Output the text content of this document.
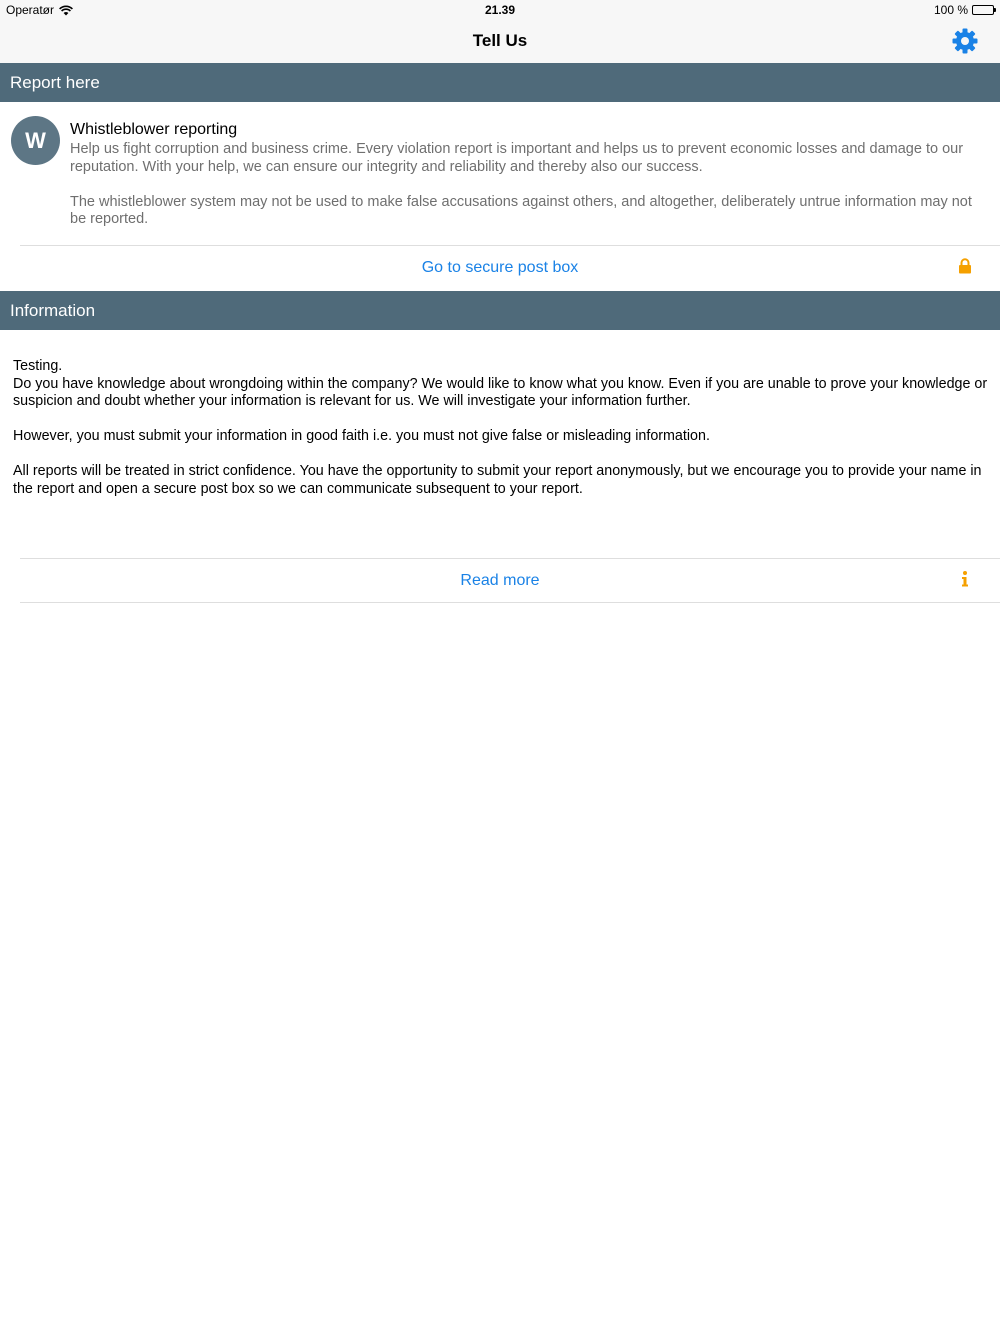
Operatør	21.39	100 %
Tell Us
Report here
W	Whistleblower reporting
Help us fight corruption and business crime. Every violation report is important and helps us to prevent economic losses and damage to our reputation. With your help, we can ensure our integrity and reliability and thereby also our success.

The whistleblower system may not be used to make false accusations against others, and altogether, deliberately untrue information may not be reported.
Go to secure post box
Information
Testing.
Do you have knowledge about wrongdoing within the company? We would like to know what you know. Even if you are unable to prove your knowledge or suspicion and doubt whether your information is relevant for us. We will investigate your information further.

However, you must submit your information in good faith i.e. you must not give false or misleading information.

All reports will be treated in strict confidence. You have the opportunity to submit your report anonymously, but we encourage you to provide your name in the report and open a secure post box so we can communicate subsequent to your report.
Read more
